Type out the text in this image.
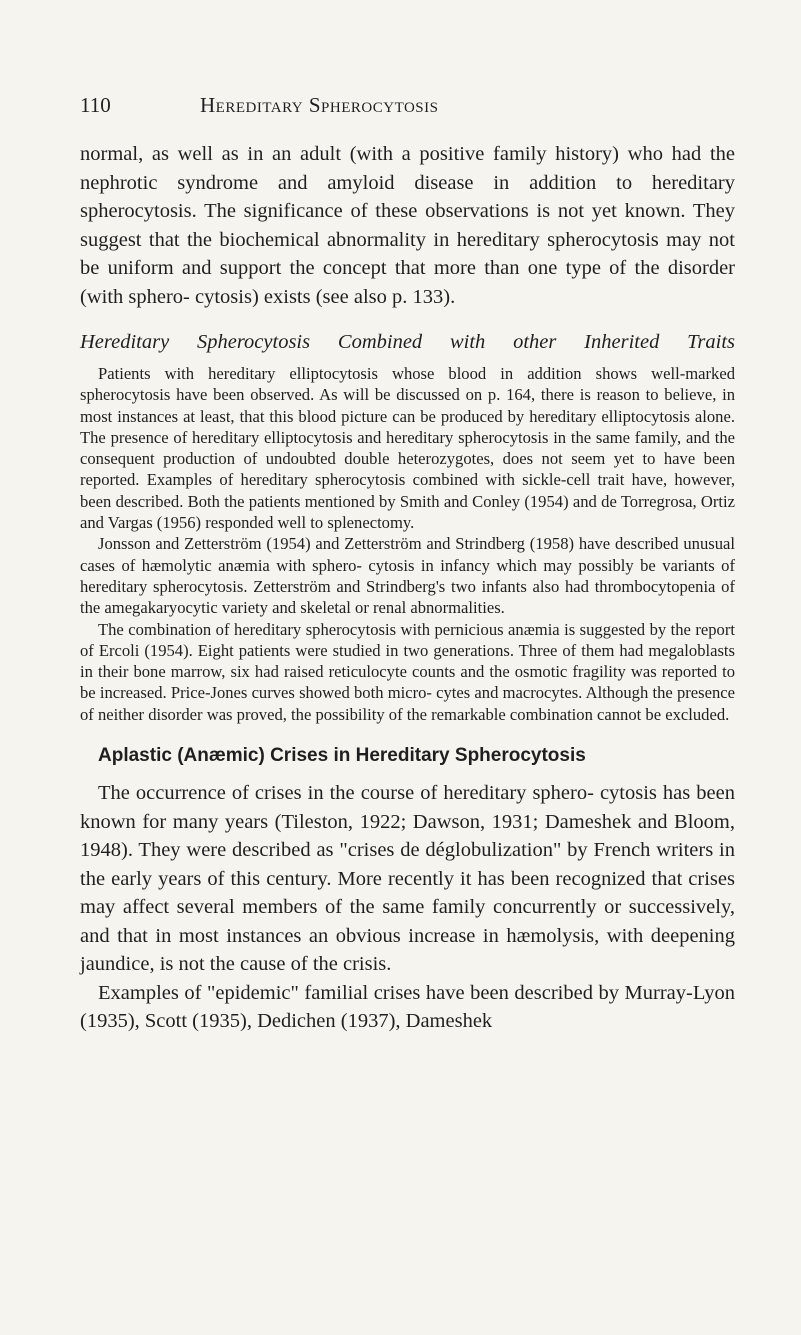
110	Hereditary Spherocytosis

normal, as well as in an adult (with a positive family history) who had the nephrotic syndrome and amyloid disease in addition to hereditary spherocytosis. The significance of these observations is not yet known. They suggest that the biochemical abnormality in hereditary spherocytosis may not be uniform and support the concept that more than one type of the disorder (with sphero- cytosis) exists (see also p. 133).

Hereditary Spherocytosis Combined with other Inherited Traits

Patients with hereditary elliptocytosis whose blood in addition shows well-marked spherocytosis have been observed. As will be discussed on p. 164, there is reason to believe, in most instances at least, that this blood picture can be produced by hereditary elliptocytosis alone. The presence of hereditary elliptocytosis and hereditary spherocytosis in the same family, and the consequent production of undoubted double heterozygotes, does not seem yet to have been reported. Examples of hereditary spherocytosis combined with sickle-cell trait have, however, been described. Both the patients mentioned by Smith and Conley (1954) and de Torregrosa, Ortiz and Vargas (1956) responded well to splenectomy.

Jonsson and Zetterström (1954) and Zetterström and Strindberg (1958) have described unusual cases of hæmolytic anæmia with sphero- cytosis in infancy which may possibly be variants of hereditary spherocytosis. Zetterström and Strindberg's two infants also had thrombocytopenia of the amegakaryocytic variety and skeletal or renal abnormalities.

The combination of hereditary spherocytosis with pernicious anæmia is suggested by the report of Ercoli (1954). Eight patients were studied in two generations. Three of them had megaloblasts in their bone marrow, six had raised reticulocyte counts and the osmotic fragility was reported to be increased. Price-Jones curves showed both micro- cytes and macrocytes. Although the presence of neither disorder was proved, the possibility of the remarkable combination cannot be excluded.

Aplastic (Anæmic) Crises in Hereditary Spherocytosis

The occurrence of crises in the course of hereditary sphero- cytosis has been known for many years (Tileston, 1922; Dawson, 1931; Dameshek and Bloom, 1948). They were described as "crises de déglobulization" by French writers in the early years of this century. More recently it has been recognized that crises may affect several members of the same family concurrently or successively, and that in most instances an obvious increase in hæmolysis, with deepening jaundice, is not the cause of the crisis.

Examples of "epidemic" familial crises have been described by Murray-Lyon (1935), Scott (1935), Dedichen (1937), Dameshek
